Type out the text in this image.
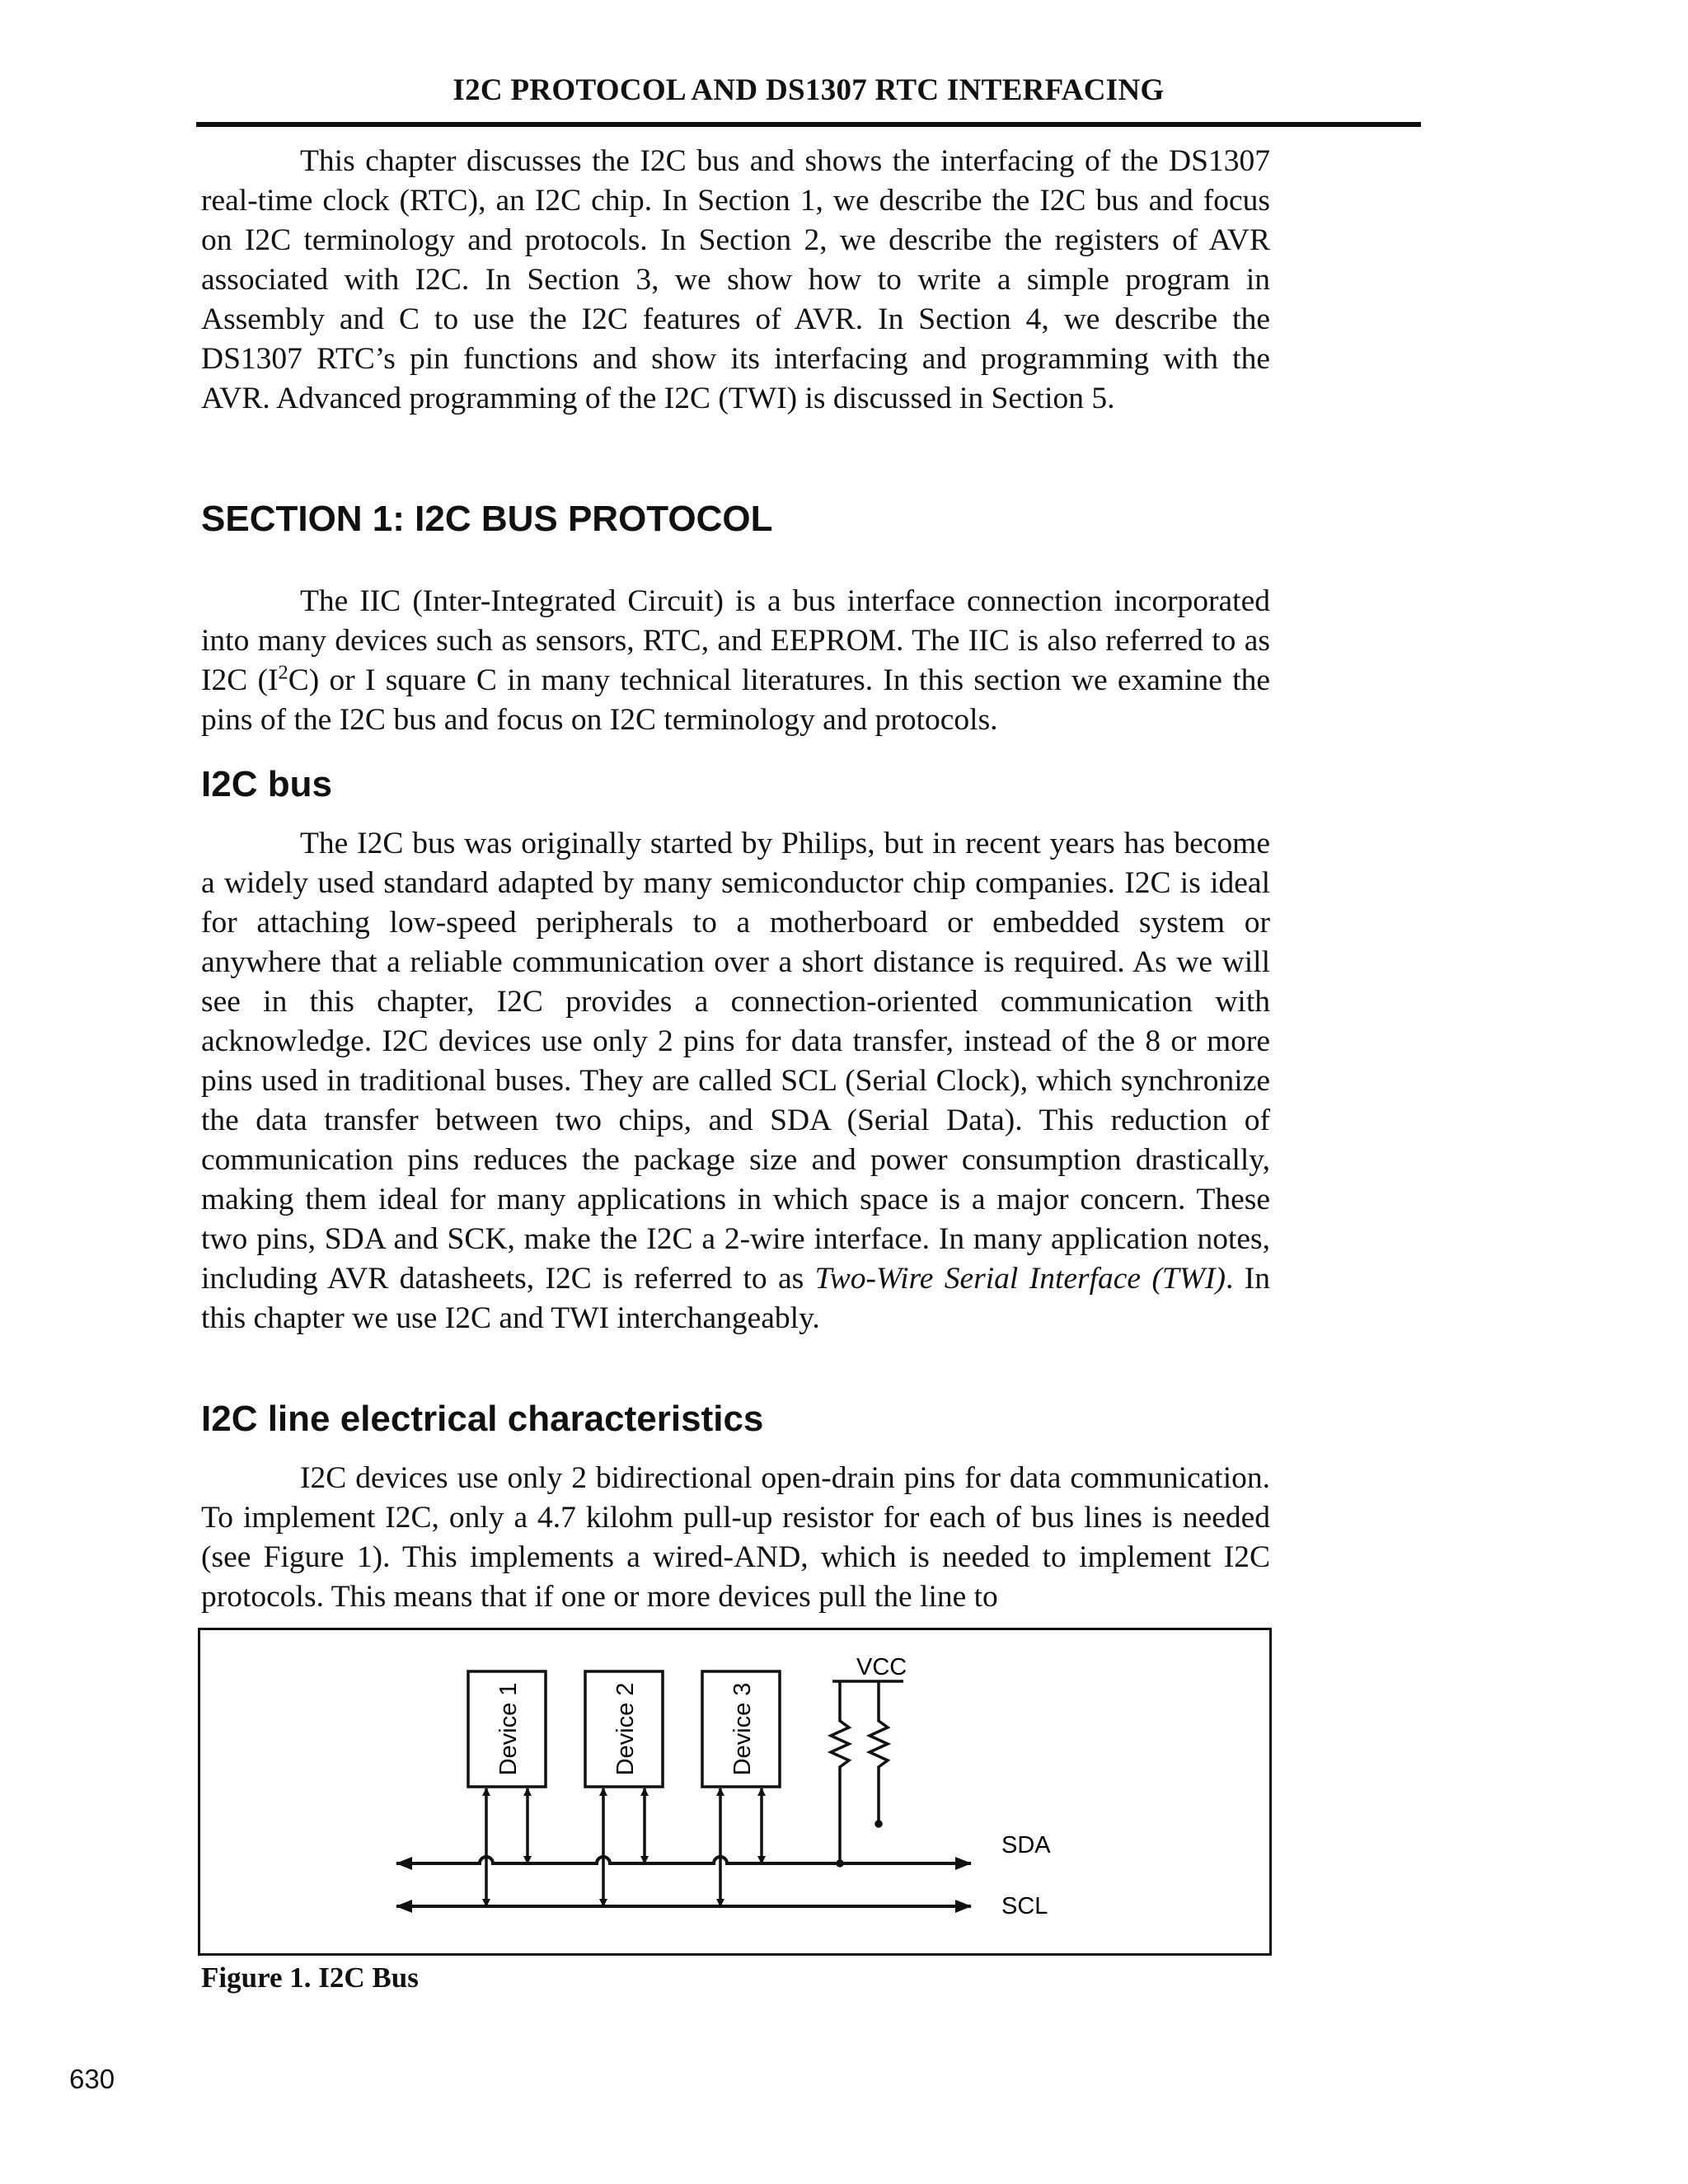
I2C PROTOCOL AND DS1307 RTC INTERFACING

This chapter discusses the I2C bus and shows the interfacing of the DS1307 real-time clock (RTC), an I2C chip. In Section 1, we describe the I2C bus and focus on I2C terminology and protocols. In Section 2, we describe the registers of AVR associated with I2C. In Section 3, we show how to write a simple program in Assembly and C to use the I2C features of AVR. In Section 4, we describe the DS1307 RTC’s pin functions and show its interfacing and programming with the AVR. Advanced programming of the I2C (TWI) is discussed in Section 5.

SECTION 1: I2C BUS PROTOCOL

The IIC (Inter-Integrated Circuit) is a bus interface connection incorporated into many devices such as sensors, RTC, and EEPROM. The IIC is also referred to as I2C $(I^2C)$ or I square C in many technical literatures. In this section we examine the pins of the I2C bus and focus on I2C terminology and protocols.

I2C bus

The I2C bus was originally started by Philips, but in recent years has become a widely used standard adapted by many semiconductor chip companies. I2C is ideal for attaching low-speed peripherals to a motherboard or embedded system or anywhere that a reliable communication over a short distance is required. As we will see in this chapter, I2C provides a connection-oriented communication with acknowledge. I2C devices use only 2 pins for data transfer, instead of the 8 or more pins used in traditional buses. They are called SCL (Serial Clock), which synchronize the data transfer between two chips, and SDA (Serial Data). This reduction of communication pins reduces the package size and power consumption drastically, making them ideal for many applications in which space is a major concern. These two pins, SDA and SCK, make the I2C a 2-wire interface. In many application notes, including AVR datasheets, I2C is referred to as Two-Wire Serial Interface (TWI). In this chapter we use I2C and TWI interchangeably.

I2C line electrical characteristics

I2C devices use only 2 bidirectional open-drain pins for data communication. To implement I2C, only a 4.7 kilohm pull-up resistor for each of bus lines is needed (see Figure 1). This implements a wired-AND, which is needed to implement I2C protocols. This means that if one or more devices pull the line to

Device 1	Device 2	Device 3
VCC
SDA
SCL
Figure 1. I2C Bus
630
